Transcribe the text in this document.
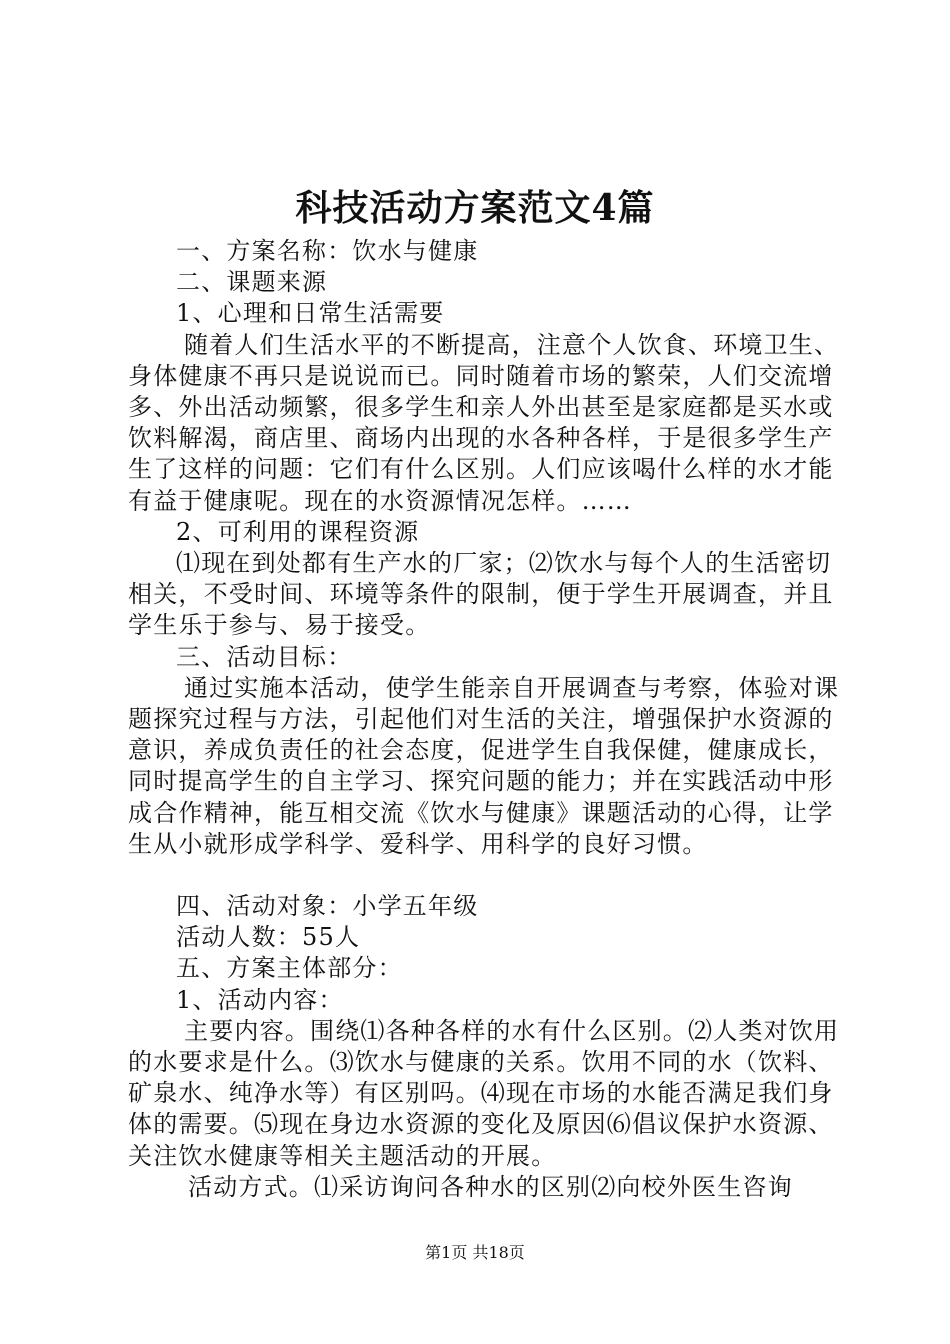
科技活动方案范文4篇

一、方案名称：饮水与健康

二、课题来源

1、心理和日常生活需要

随着人们生活水平的不断提高，注意个人饮食、环境卫生、身体健康不再只是说说而已。同时随着市场的繁荣，人们交流增多、外出活动频繁，很多学生和亲人外出甚至是家庭都是买水或饮料解渴，商店里、商场内出现的水各种各样，于是很多学生产生了这样的问题：它们有什么区别。人们应该喝什么样的水才能有益于健康呢。现在的水资源情况怎样。……

2、可利用的课程资源

⑴现在到处都有生产水的厂家；⑵饮水与每个人的生活密切相关，不受时间、环境等条件的限制，便于学生开展调查，并且学生乐于参与、易于接受。

三、活动目标：

通过实施本活动，使学生能亲自开展调查与考察，体验对课题探究过程与方法，引起他们对生活的关注，增强保护水资源的意识，养成负责任的社会态度，促进学生自我保健，健康成长，同时提高学生的自主学习、探究问题的能力；并在实践活动中形成合作精神，能互相交流《饮水与健康》课题活动的心得，让学生从小就形成学科学、爱科学、用科学的良好习惯。

四、活动对象：小学五年级

活动人数：55人

五、方案主体部分：

1、活动内容：

主要内容。围绕⑴各种各样的水有什么区别。⑵人类对饮用的水要求是什么。⑶饮水与健康的关系。饮用不同的水（饮料、矿泉水、纯净水等）有区别吗。⑷现在市场的水能否满足我们身体的需要。⑸现在身边水资源的变化及原因⑹倡议保护水资源、关注饮水健康等相关主题活动的开展。

活动方式。⑴采访询问各种水的区别⑵向校外医生咨询

第1页 共18页
